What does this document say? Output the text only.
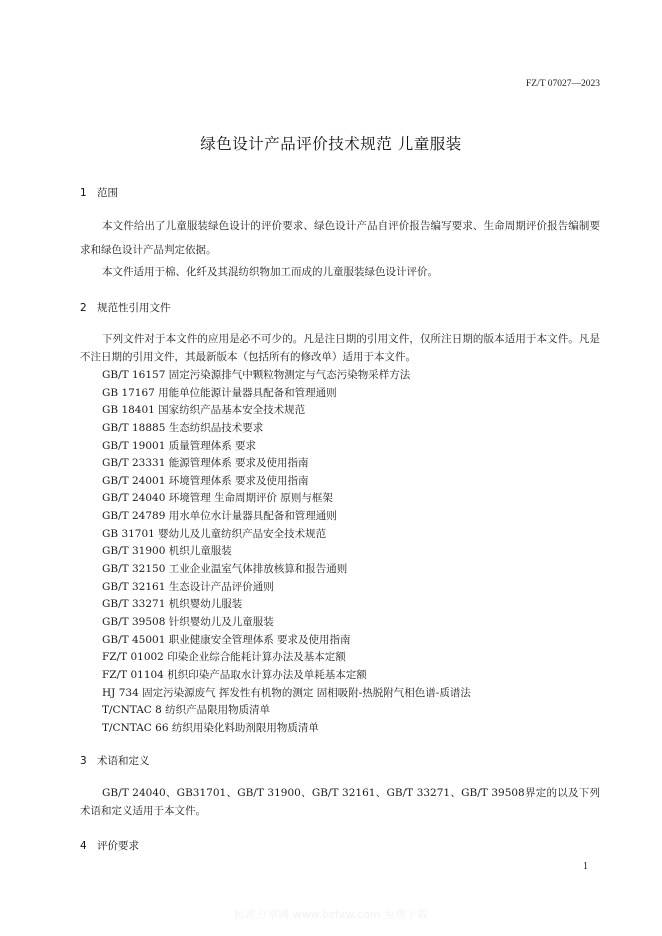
FZ/T 07027—2023
绿色设计产品评价技术规范 儿童服装
1 范围
本文件给出了儿童服装绿色设计的评价要求、绿色设计产品自评价报告编写要求、生命周期评价报告编制要求和绿色设计产品判定依据。
本文件适用于棉、化纤及其混纺织物加工而成的儿童服装绿色设计评价。
2 规范性引用文件
下列文件对于本文件的应用是必不可少的。凡是注日期的引用文件，仅所注日期的版本适用于本文件。凡是不注日期的引用文件，其最新版本（包括所有的修改单）适用于本文件。
GB/T 16157 固定污染源排气中颗粒物测定与气态污染物采样方法
GB 17167 用能单位能源计量器具配备和管理通则
GB 18401 国家纺织产品基本安全技术规范
GB/T 18885 生态纺织品技术要求
GB/T 19001 质量管理体系 要求
GB/T 23331 能源管理体系 要求及使用指南
GB/T 24001 环境管理体系 要求及使用指南
GB/T 24040 环境管理 生命周期评价 原则与框架
GB/T 24789 用水单位水计量器具配备和管理通则
GB 31701 婴幼儿及儿童纺织产品安全技术规范
GB/T 31900 机织儿童服装
GB/T 32150 工业企业温室气体排放核算和报告通则
GB/T 32161 生态设计产品评价通则
GB/T 33271 机织婴幼儿服装
GB/T 39508 针织婴幼儿及儿童服装
GB/T 45001 职业健康安全管理体系 要求及使用指南
FZ/T 01002 印染企业综合能耗计算办法及基本定额
FZ/T 01104 机织印染产品取水计算办法及单耗基本定额
HJ 734 固定污染源废气 挥发性有机物的测定 固相吸附-热脱附气相色谱-质谱法
T/CNTAC 8 纺织产品限用物质清单
T/CNTAC 66 纺织用染化料助剂限用物质清单
3 术语和定义
GB/T 24040、GB31701、GB/T 31900、GB/T 32161、GB/T 33271、GB/T 39508界定的以及下列术语和定义适用于本文件。
4 评价要求
1
标准分享网 www.bzfxw.com 免费下载
